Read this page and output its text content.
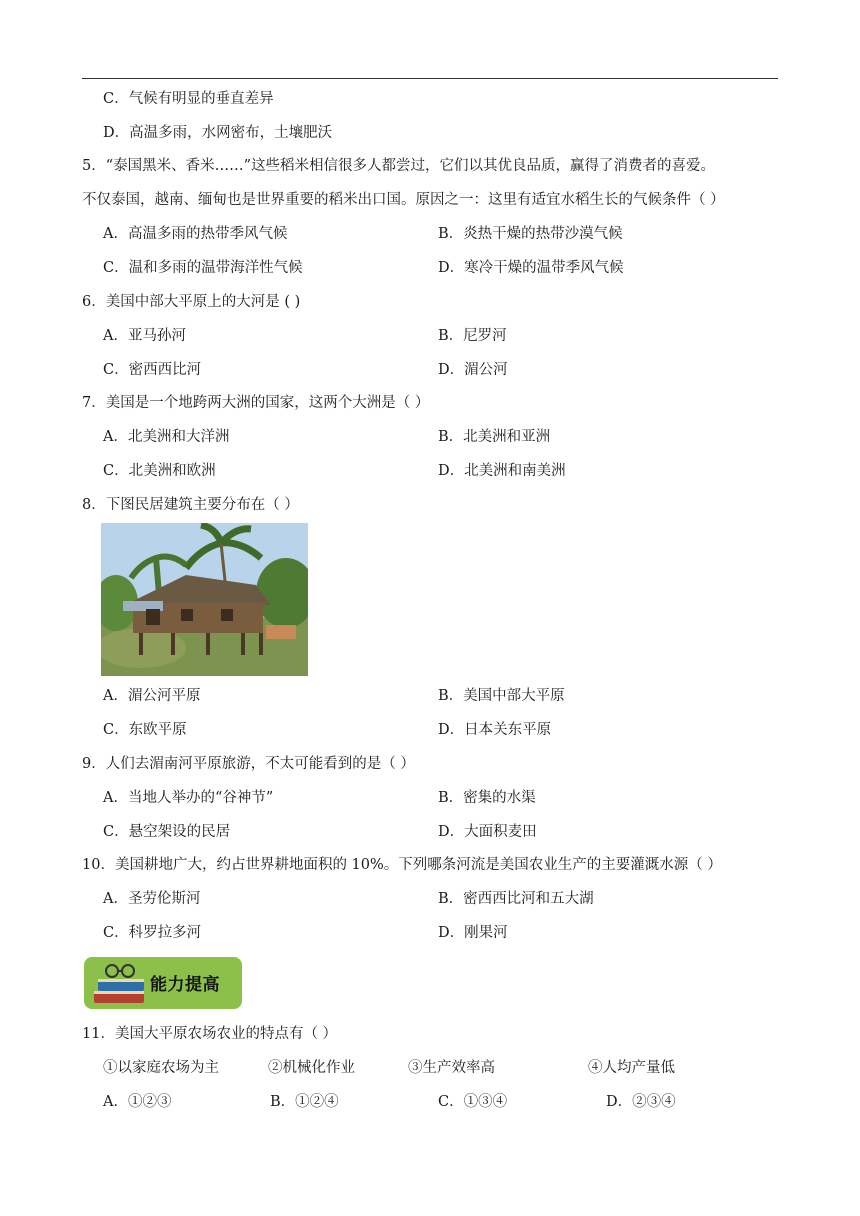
C．气候有明显的垂直差异
D．高温多雨，水网密布，土壤肥沃
5．“泰国黑米、香米……”这些稻米相信很多人都尝过，它们以其优良品质，赢得了消费者的喜爱。
不仅泰国，越南、缅甸也是世界重要的稻米出口国。原因之一：这里有适宜水稻生长的气候条件（ ）
A．高温多雨的热带季风气候	B．炎热干燥的热带沙漠气候
C．温和多雨的温带海洋性气候	D．寒冷干燥的温带季风气候
6．美国中部大平原上的大河是 ( )
A．亚马孙河	B．尼罗河
C．密西西比河	D．湄公河
7．美国是一个地跨两大洲的国家，这两个大洲是（ ）
A．北美洲和大洋洲	B．北美洲和亚洲
C．北美洲和欧洲	D．北美洲和南美洲
8．下图民居建筑主要分布在（ ）
A．湄公河平原	B．美国中部大平原
C．东欧平原	D．日本关东平原
9．人们去湄南河平原旅游，不太可能看到的是（ ）
A．当地人举办的“谷神节”	B．密集的水渠
C．悬空架设的民居	D．大面积麦田
10．美国耕地广大，约占世界耕地面积的 10%。下列哪条河流是美国农业生产的主要灌溉水源（ ）
A．圣劳伦斯河	B．密西西比河和五大湖
C．科罗拉多河	D．刚果河
能力提高
11．美国大平原农场农业的特点有（ ）
①以家庭农场为主	②机械化作业	③生产效率高	④人均产量低
A．①②③	B．①②④	C．①③④	D．②③④
